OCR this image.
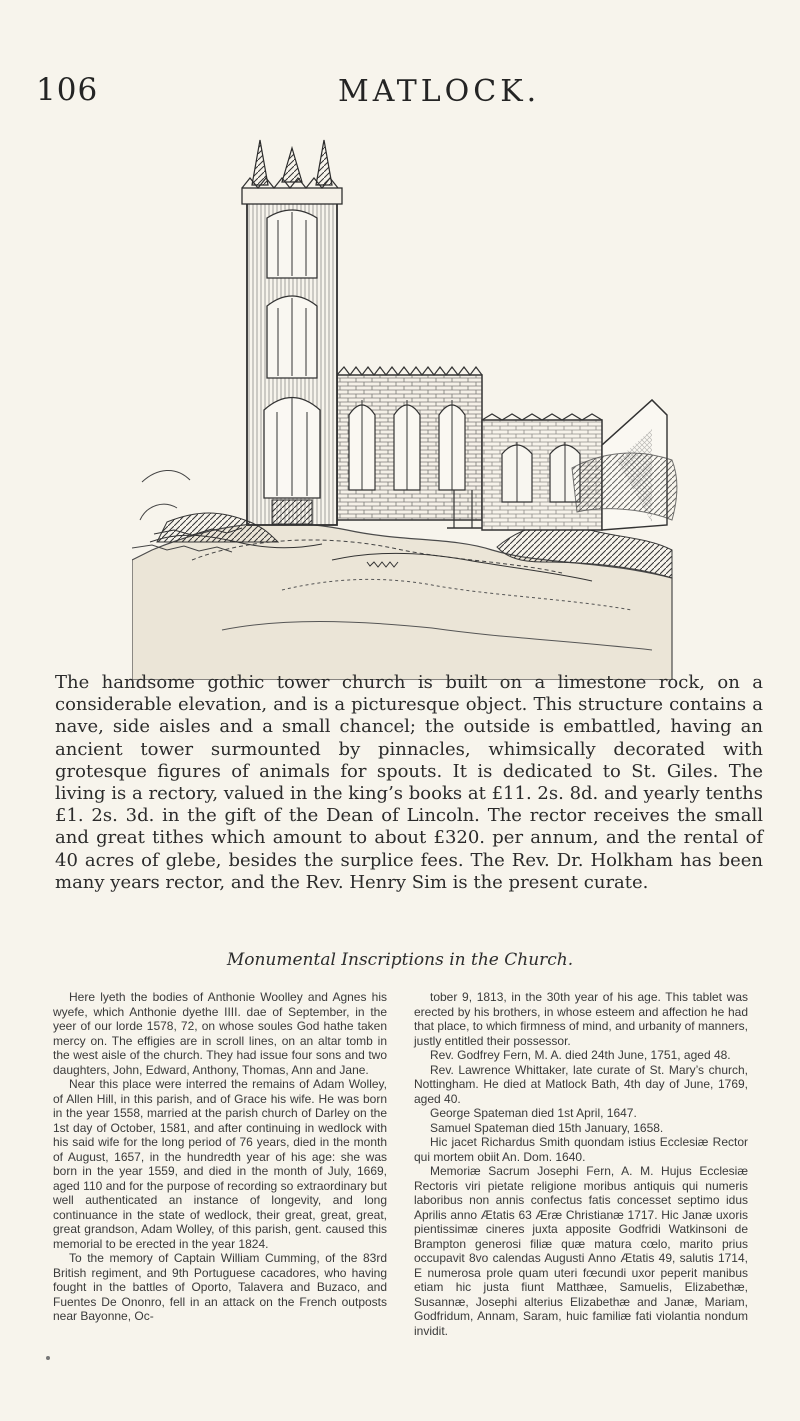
106	MATLOCK.
The handsome gothic tower church is built on a limestone rock, on a considerable elevation, and is a picturesque object. This structure contains a nave, side aisles and a small chancel; the outside is embattled, having an ancient tower surmounted by pinnacles, whimsically decorated with grotesque figures of animals for spouts. It is dedicated to St. Giles. The living is a rectory, valued in the king’s books at £11. 2s. 8d. and yearly tenths £1. 2s. 3d. in the gift of the Dean of Lincoln. The rector receives the small and great tithes which amount to about £320. per annum, and the rental of 40 acres of glebe, besides the surplice fees. The Rev. Dr. Holkham has been many years rector, and the Rev. Henry Sim is the present curate.
Monumental Inscriptions in the Church.

Here lyeth the bodies of Anthonie Woolley and Agnes his wyefe, which Anthonie dyethe IIII. dae of September, in the yeer of our lorde 1578, 72, on whose soules God hathe taken mercy on. The effigies are in scroll lines, on an altar tomb in the west aisle of the church. They had issue four sons and two daughters, John, Edward, Anthony, Thomas, Ann and Jane.

Near this place were interred the remains of Adam Wolley, of Allen Hill, in this parish, and of Grace his wife. He was born in the year 1558, married at the parish church of Darley on the 1st day of October, 1581, and after continuing in wedlock with his said wife for the long period of 76 years, died in the month of August, 1657, in the hundredth year of his age: she was born in the year 1559, and died in the month of July, 1669, aged 110 and for the purpose of recording so extraordinary but well authenticated an instance of longevity, and long continuance in the state of wedlock, their great, great, great, great grandson, Adam Wolley, of this parish, gent. caused this memorial to be erected in the year 1824.

To the memory of Captain William Cumming, of the 83rd British regiment, and 9th Portuguese cacadores, who having fought in the battles of Oporto, Talavera and Buzaco, and Fuentes De Ononro, fell in an attack on the French outposts near Bayonne, Oc-

tober 9, 1813, in the 30th year of his age. This tablet was erected by his brothers, in whose esteem and affection he had that place, to which firmness of mind, and urbanity of manners, justly entitled their possessor.

Rev. Godfrey Fern, M. A. died 24th June, 1751, aged 48.

Rev. Lawrence Whittaker, late curate of St. Mary’s church, Nottingham. He died at Matlock Bath, 4th day of June, 1769, aged 40.

George Spateman died 1st April, 1647.

Samuel Spateman died 15th January, 1658.

Hic jacet Richardus Smith quondam istius Ecclesiæ Rector qui mortem obiit An. Dom. 1640.

Memoriæ Sacrum Josephi Fern, A. M. Hujus Ecclesiæ Rectoris viri pietate religione moribus antiquis qui numeris laboribus non annis confectus fatis concesset septimo idus Aprilis anno Ætatis 63 Æræ Christianæ 1717. Hic Janæ uxoris pientissimæ cineres juxta apposite Godfridi Watkinsoni de Brampton generosi filiæ quæ matura cœlo, marito prius occupavit 8vo calendas Augusti Anno Ætatis 49, salutis 1714, E numerosa prole quam uteri fœcundi uxor peperit manibus etiam hic justa fiunt Matthæe, Samuelis, Elizabethæ, Susannæ, Josephi alterius Elizabethæ and Janæ, Mariam, Godfridum, Annam, Saram, huic familiæ fati violantia nondum invidit.
